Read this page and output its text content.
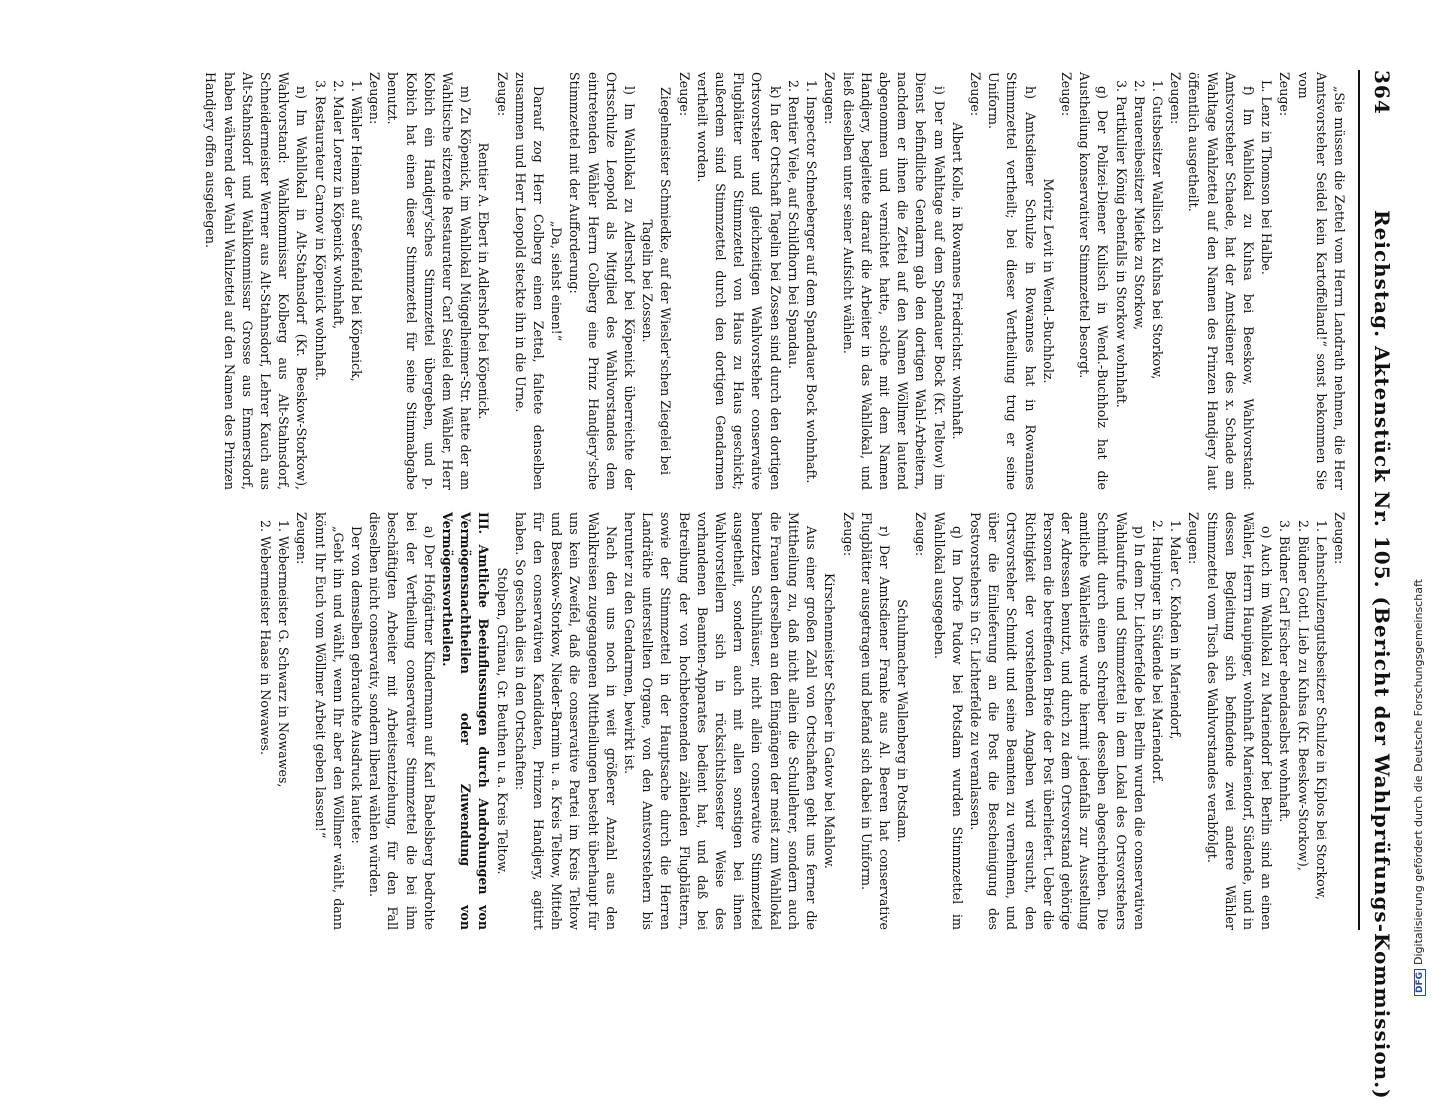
364
Reichstag. Aktenstück Nr. 105. (Bericht der Wahlprüfungs-Kommission.)

„Sie müssen die Zettel vom Herrn Landrath nehmen, die Herr Amtsvorsteher Seidel kein Kartoffelland!“ sonst bekommen Sie vom

Zeuge:

L. Lenz in Thomson bei Halbe.

f) Im Wahllokal zu Kuhsa bei Beeskow, Wahlvorstand: Amtsvorsteher Schaede, hat der Amtsdiener des x. Schade am Wahltage Wahlzettel auf den Namen des Prinzen Handjery laut öffentlich ausgetheilt.

Zeugen:

1. Gutsbesitzer Wallisch zu Kuhsa bei Storkow,

2. Brauereibesitzer Mietke zu Storkow,

3. Partikulier König ebenfalls in Storkow wohnhaft.

g) Der Polizei-Diener Kulisch in Wend.-Buchholz hat die Austheilung konservativer Stimmzettel besorgt.

Zeuge:

Moritz Levit in Wend.-Buchholz.

h) Amtsdiener Schulze in Rowannes hat in Rowannes Stimmzettel vertheilt; bei dieser Vertheilung trug er seine Uniform.

Zeuge:

Albert Kolle, in Rowannes Friedrichstr. wohnhaft.

i) Der am Wahltage auf dem Spandauer Bock (Kr. Teltow) im Dienst befindliche Gendarm gab den dortigen Wahl-Arbeitern, nachdem er ihnen die Zettel auf den Namen Wöllmer lautend abgenommen und vernichtet hatte, solche mit dem Namen Handjery, begleitete darauf die Arbeiter in das Wahllokal, und ließ dieselben unter seiner Aufsicht wählen.

Zeugen:

1. Inspector Schneeberger auf dem Spandauer Bock wohnhaft.

2. Rentier Viele, auf Schildhorn bei Spandau.

k) In der Ortschaft Tagelin bei Zossen sind durch den dortigen Ortsvorsteher und gleichzeitigen Wahlvorsteher conservative Flugblätter und Stimmzettel von Haus zu Haus geschickt; außerdem sind Stimmzettel durch den dortigen Gendarmen vertheilt worden.

Zeuge:

Ziegelmeister Schmiedke, auf der Wiesler'schen Ziegelei bei Tagelin bei Zossen.

l) Im Wahllokal zu Adlershof bei Köpenick überreichte der Ortsschulze Leopold als Mitglied des Wahlvorstandes dem eintretenden Wähler Herrn Colberg eine Prinz Handjery'sche Stimmzettel mit der Aufforderung:

„Da, siehst einen!“

Darauf zog Herr Colberg einen Zettel, faltete denselben zusammen und Herr Leopold steckte ihn in die Urne.

Zeuge:

Rentier A. Ebert in Adlershof bei Köpenick.

m) Zu Köpenick, im Wahllokal Müggelheimer-Str. hatte der am Wahltische sitzende Restaurateur Carl Seidel dem Wähler, Herr Kobich ein Handjery'sches Stimmzettel übergeben, und p. Kobich hat einen dieser Stimmzettel für seine Stimmabgabe benutzt.

Zeugen:

1. Wähler Heiman auf Seefenfeld bei Köpenick,

2. Maler Lorenz in Köpenick wohnhaft,

3. Restaurateur Carnow in Köpenick wohnhaft.

n) Im Wahllokal in Alt-Stahnsdorf (Kr. Beeskow-Storkow), Wahlvorstand: Wahlkommissar Kolberg aus Alt-Stahnsdorf, Schneidermeister Werner aus Alt-Stahnsdorf, Lehrer Kauch aus Alt-Stahnsdorf und Wahlkommissar Grosse aus Emmersdorf, haben während der Wahl Wahlzettel auf den Namen des Prinzen Handjery offen ausgelegen.

Zeugen:

1. Lehnschulzengutsbesitzer Schulze in Kiplos bei Storkow,

2. Büdner Gottl. Lieb zu Kuhsa (Kr. Beeskow-Storkow),

3. Büdner Carl Fischer ebendaselbst wohnhaft.

o) Auch im Wahllokal zu Mariendorf bei Berlin sind an einen Wähler, Herrn Haupinger, wohnhaft Mariendorf, Südende, und in dessen Begleitung sich befindende zwei andere Wähler Stimmzettel vom Tisch des Wahlvorstandes verabfolgt.

Zeugen:

1. Maler C. Kohden in Mariendorf,

2. Haupinger in Südende bei Mariendorf.

p) In dem Dr. Lichterfelde bei Berlin wurden die conservativen Wahlaufrufe und Stimmzettel in dem Lokal des Ortsvorstehers Schmidt durch einen Schreiber desselben abgeschrieben. Die amtliche Wählerliste wurde hiermit jedenfalls zur Ausstellung der Adressen benutzt, und durch zu dem Ortsvorstand gehörige Personen die betreffenden Briefe der Post überliefert. Ueber die Richtigkeit der vorstehenden Angaben wird ersucht, den Ortsvorsteher Schmidt und seine Beamten zu vernehmen, und über die Einlieferung an die Post die Bescheinigung des Postvorstehers in Gr. Lichterfelde zu veranlassen.

q) Im Dorfe Pudow bei Potsdam wurden Stimmzettel im Wahllokal ausgegeben.

Zeuge:

Schuhmacher Wallenberg in Potsdam.

r) Der Amtsdiener Franke aus Al. Beeren hat conservative Flugblätter ausgetragen und befand sich dabei in Uniform.

Zeuge:

Kirschenmeister Scheer in Gatow bei Mahlow.

Aus einer großen Zahl von Ortschaften geht uns ferner die Mittheilung zu, daß nicht allein die Schullehrer, sondern auch die Frauen derselben an den Eingängen der meist zum Wahllokal benutzten Schulhäuser, nicht allein conservative Stimmzettel ausgetheilt, sondern auch mit allen sonstigen bei ihnen Wahlvorstellern sich in rücksichtslosester Weise des vorhandenen Beamten-Apparates bedient hat, und daß bei Betreibung der von hochbetonenden zählenden Flugblättern, sowie der Stimmzettel in der Hauptsache durch die Herren Landräthe unterstellten Organe, von den Amtsvorstehern bis herunter zu den Gendarmen, bewirkt ist.

Nach den uns noch in weit größerer Anzahl aus den Wahlkreisen zugegangenen Mittheilungen besteht überhaupt für uns kein Zweifel, daß die conservative Partei im Kreis Teltow und Beeskow-Storkow, Nieder-Barnim u. a. Kreis Teltow, Mitteln für den conservativen Kandidaten, Prinzen Handjery, agitirt haben. So geschah dies in den Ortschaften:

Stolpen, Grünau, Gr. Beuthen u. a. Kreis Teltow.

III. Amtliche Beeinflussungen durch Androhungen von Vermögensnachtheilen oder Zuwendung von Vermögensvortheilen.

a) Der Hofgärtner Kindermann auf Karl Babelsberg bedrohte bei der Vertheilung conservativer Stimmzettel die bei ihm beschäftigten Arbeiter mit Arbeitsentziehung, für den Fall dieselben nicht conservativ, sondern liberal wählen würden.

Der von demselben gebrauchte Ausdruck lautete:

„Gebt ihn und wählt, wenn Ihr aber den Wöllmer wählt, dann könnt Ihr Euch vom Wöllmer Arbeit geben lassen!“

Zeugen:

1. Webermeister G. Schwarz in Nowawes,

2. Webermeister Haase in Nowawes.

DFGDigitalisierung gefördert durch die Deutsche Forschungsgemeinschaft
